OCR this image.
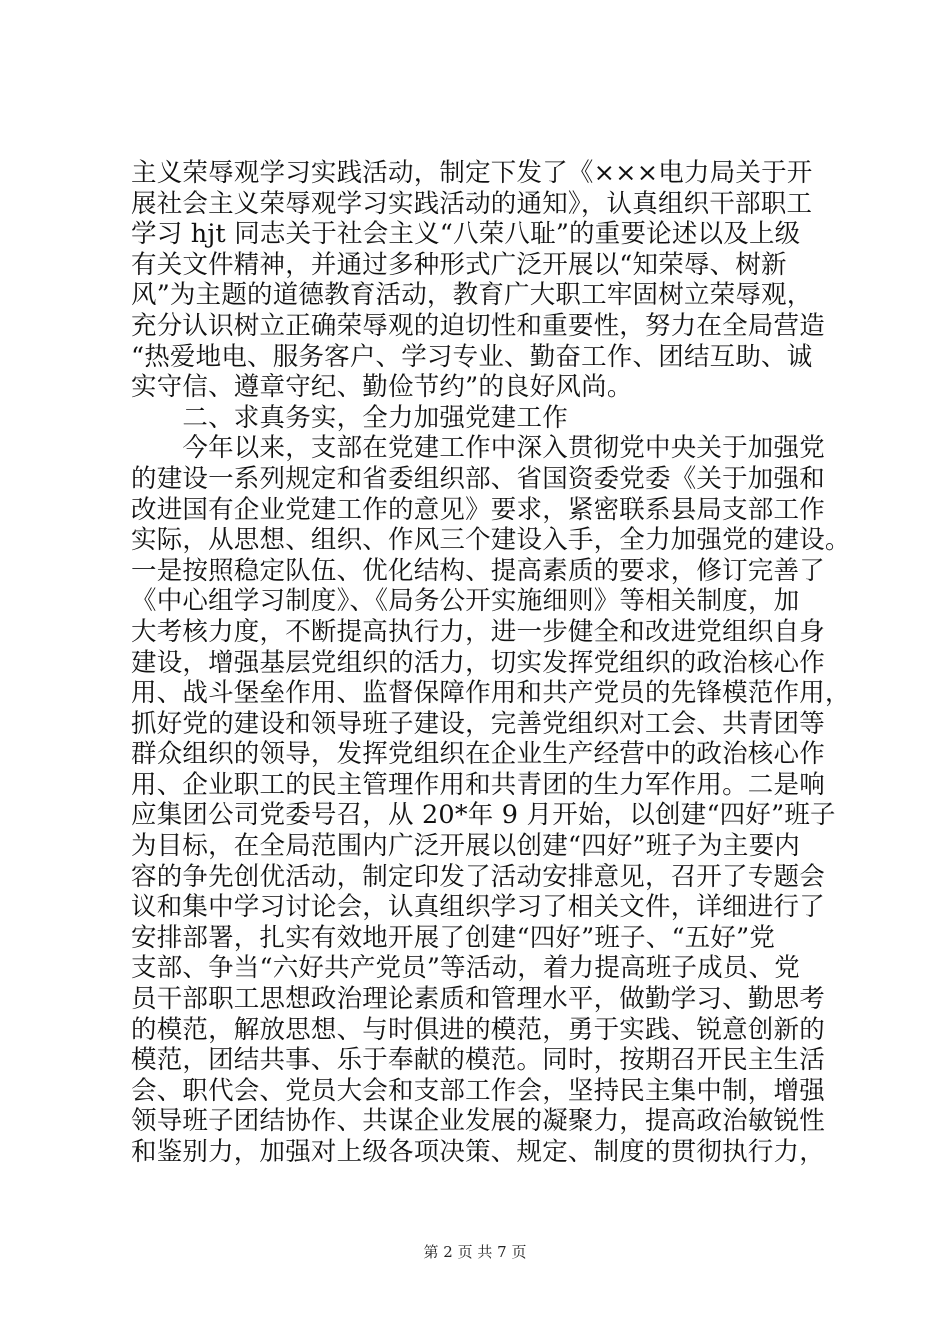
主义荣辱观学习实践活动，制定下发了《×××电力局关于开
展社会主义荣辱观学习实践活动的通知》，认真组织干部职工
学习 hjt 同志关于社会主义“八荣八耻”的重要论述以及上级
有关文件精神，并通过多种形式广泛开展以“知荣辱、树新
风”为主题的道德教育活动，教育广大职工牢固树立荣辱观，
充分认识树立正确荣辱观的迫切性和重要性，努力在全局营造
“热爱地电、服务客户、学习专业、勤奋工作、团结互助、诚
实守信、遵章守纪、勤俭节约”的良好风尚。
　　二、求真务实，全力加强党建工作
　　今年以来，支部在党建工作中深入贯彻党中央关于加强党
的建设一系列规定和省委组织部、省国资委党委《关于加强和
改进国有企业党建工作的意见》要求，紧密联系县局支部工作
实际，从思想、组织、作风三个建设入手，全力加强党的建设。
一是按照稳定队伍、优化结构、提高素质的要求，修订完善了
《中心组学习制度》、《局务公开实施细则》等相关制度，加
大考核力度，不断提高执行力，进一步健全和改进党组织自身
建设，增强基层党组织的活力，切实发挥党组织的政治核心作
用、战斗堡垒作用、监督保障作用和共产党员的先锋模范作用，
抓好党的建设和领导班子建设，完善党组织对工会、共青团等
群众组织的领导，发挥党组织在企业生产经营中的政治核心作
用、企业职工的民主管理作用和共青团的生力军作用。二是响
应集团公司党委号召，从 20*年 9 月开始，以创建“四好”班子
为目标，在全局范围内广泛开展以创建“四好”班子为主要内
容的争先创优活动，制定印发了活动安排意见，召开了专题会
议和集中学习讨论会，认真组织学习了相关文件，详细进行了
安排部署，扎实有效地开展了创建“四好”班子、“五好”党
支部、争当“六好共产党员”等活动，着力提高班子成员、党
员干部职工思想政治理论素质和管理水平，做勤学习、勤思考
的模范，解放思想、与时俱进的模范，勇于实践、锐意创新的
模范，团结共事、乐于奉献的模范。同时，按期召开民主生活
会、职代会、党员大会和支部工作会，坚持民主集中制，增强
领导班子团结协作、共谋企业发展的凝聚力，提高政治敏锐性
和鉴别力，加强对上级各项决策、规定、制度的贯彻执行力，
第 2 页 共 7 页
